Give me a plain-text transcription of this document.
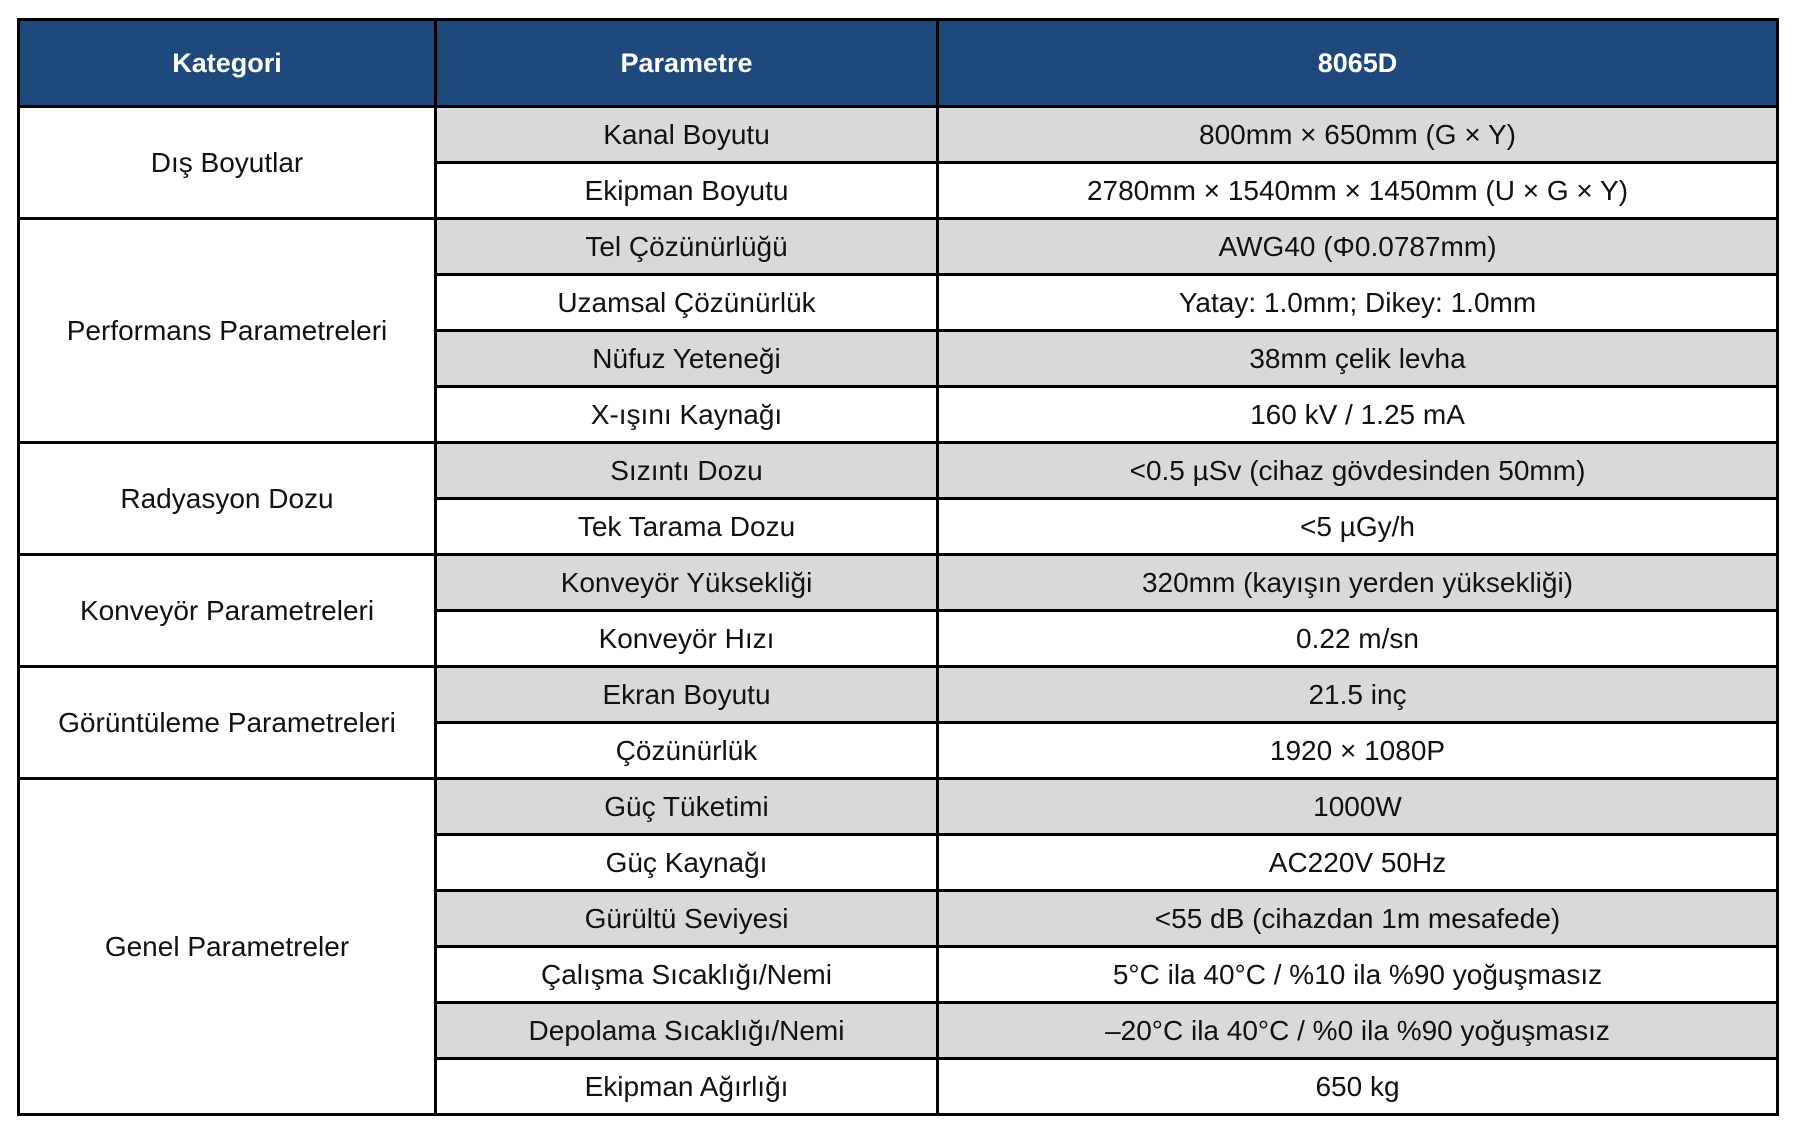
Kategori	Parametre	8065D
Dış Boyutlar	Kanal Boyutu	800mm × 650mm (G × Y)
	Ekipman Boyutu	2780mm × 1540mm × 1450mm (U × G × Y)
Performans Parametreleri	Tel Çözünürlüğü	AWG40 (Φ0.0787mm)
	Uzamsal Çözünürlük	Yatay: 1.0mm; Dikey: 1.0mm
	Nüfuz Yeteneği	38mm çelik levha
	X-ışını Kaynağı	160 kV / 1.25 mA
Radyasyon Dozu	Sızıntı Dozu	<0.5 µSv (cihaz gövdesinden 50mm)
	Tek Tarama Dozu	<5 µGy/h
Konveyör Parametreleri	Konveyör Yüksekliği	320mm (kayışın yerden yüksekliği)
	Konveyör Hızı	0.22 m/sn
Görüntüleme Parametreleri	Ekran Boyutu	21.5 inç
	Çözünürlük	1920 × 1080P
Genel Parametreler	Güç Tüketimi	1000W
	Güç Kaynağı	AC220V 50Hz
	Gürültü Seviyesi	<55 dB (cihazdan 1m mesafede)
	Çalışma Sıcaklığı/Nemi	5°C ila 40°C / %10 ila %90 yoğuşmasız
	Depolama Sıcaklığı/Nemi	–20°C ila 40°C / %0 ila %90 yoğuşmasız
	Ekipman Ağırlığı	650 kg
